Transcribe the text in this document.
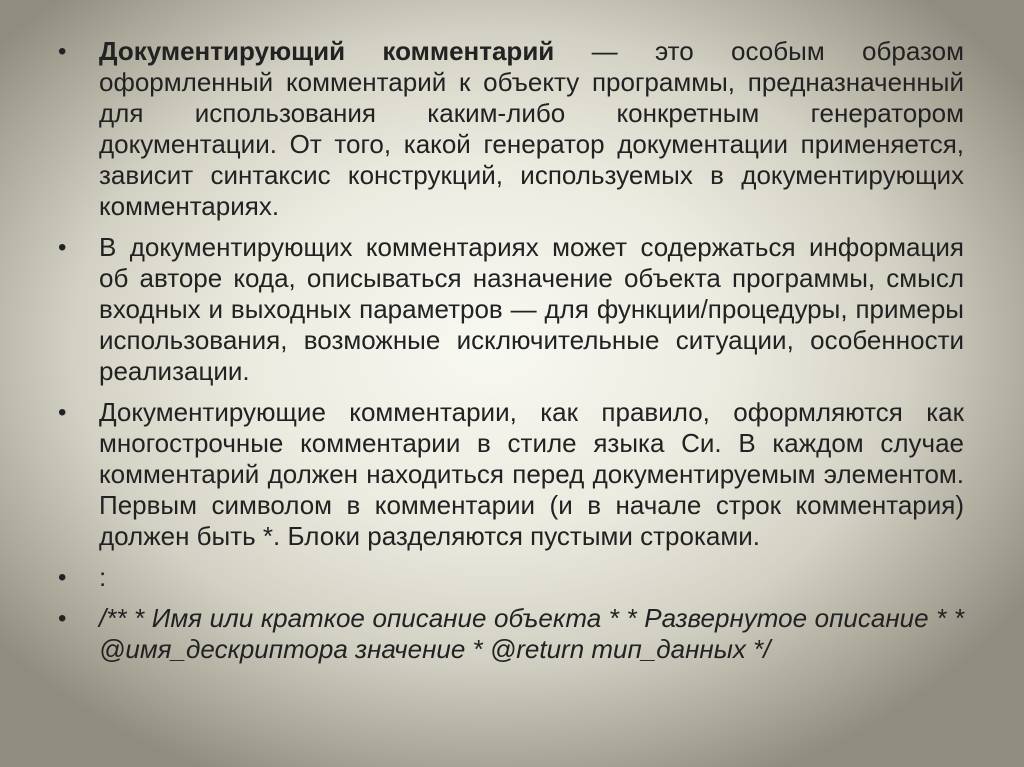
•	Документирующий комментарий — это особым образом оформленный комментарий к объекту программы, предназначенный для использования каким-либо конкретным генератором документации. От того, какой генератор документации применяется, зависит синтаксис конструкций, используемых в документирующих комментариях.
•	В документирующих комментариях может содержаться информация об авторе кода, описываться назначение объекта программы, смысл входных и выходных параметров — для функции/процедуры, примеры использования, возможные исключительные ситуации, особенности реализации.
•	Документирующие комментарии, как правило, оформляются как многострочные комментарии в стиле языка Си. В каждом случае комментарий должен находиться перед документируемым элементом. Первым символом в комментарии (и в начале строк комментария) должен быть *. Блоки разделяются пустыми строками.
•	:
•	/** * Имя или краткое описание объекта * * Развернутое описание * * @имя_дескриптора значение * @return тип_данных */
